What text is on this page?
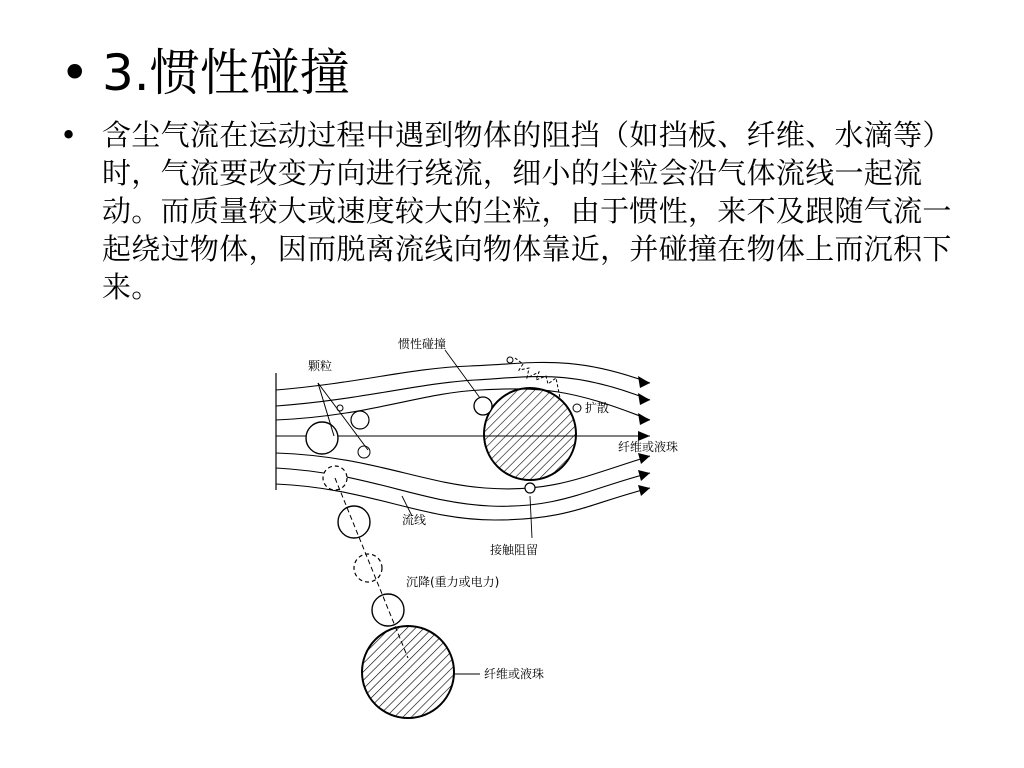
• 3.惯性碰撞
• 含尘气流在运动过程中遇到物体的阻挡（如挡板、纤维、水滴等）时，气流要改变方向进行绕流，细小的尘粒会沿气体流线一起流动。而质量较大或速度较大的尘粒，由于惯性，来不及跟随气流一起绕过物体，因而脱离流线向物体靠近，并碰撞在物体上而沉积下来。
颗粒
惯性碰撞
扩散
纤维或液珠
流线
接触阻留
沉降(重力或电力)
纤维或液珠
